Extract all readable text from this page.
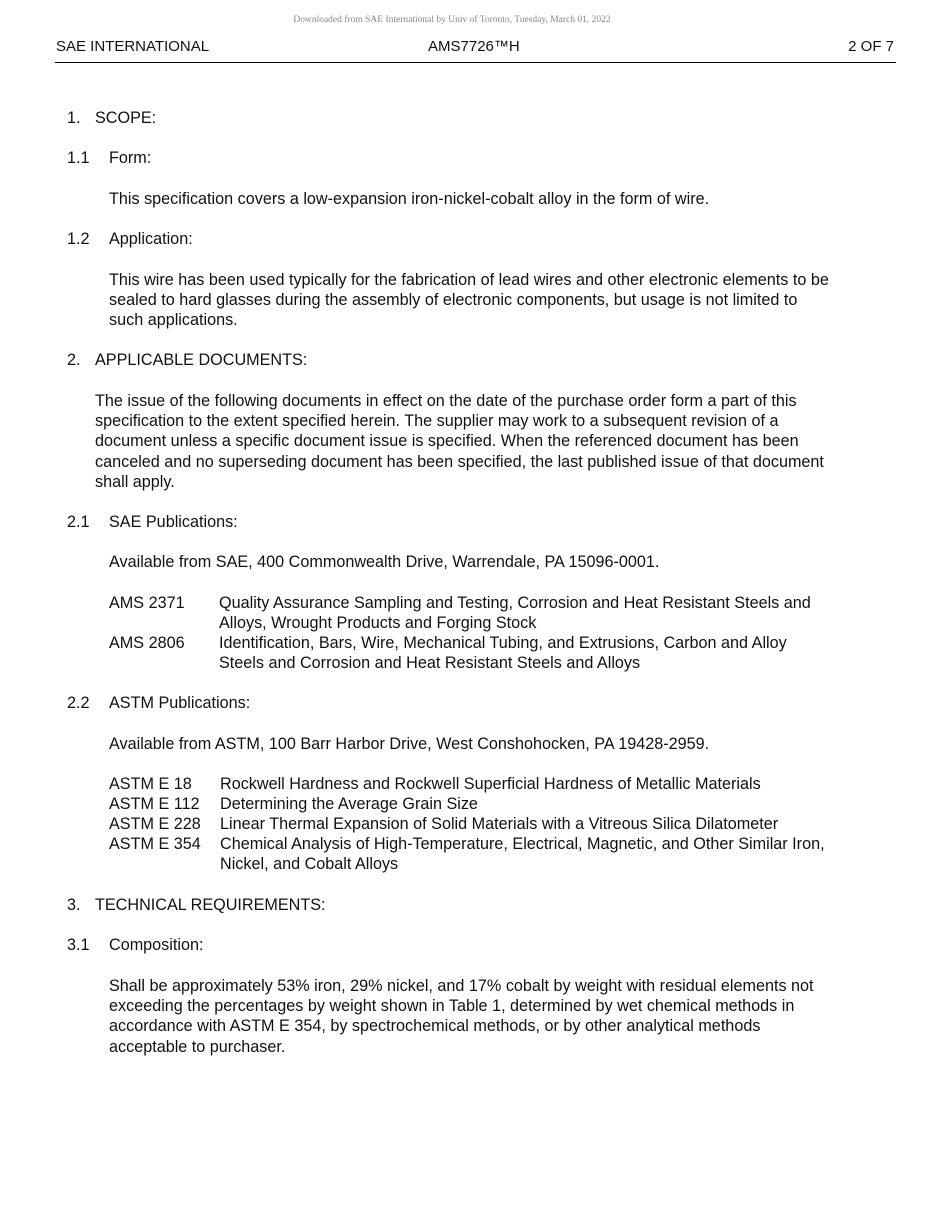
Downloaded from SAE International by Univ of Toronto, Tuesday, March 01, 2022
SAE INTERNATIONAL	AMS7726™H	2 OF 7
1. SCOPE:
1.1 Form:
This specification covers a low-expansion iron-nickel-cobalt alloy in the form of wire.
1.2 Application:
This wire has been used typically for the fabrication of lead wires and other electronic elements to be
sealed to hard glasses during the assembly of electronic components, but usage is not limited to
such applications.
2. APPLICABLE DOCUMENTS:
The issue of the following documents in effect on the date of the purchase order form a part of this
specification to the extent specified herein. The supplier may work to a subsequent revision of a
document unless a specific document issue is specified. When the referenced document has been
canceled and no superseding document has been specified, the last published issue of that document
shall apply.
2.1 SAE Publications:
Available from SAE, 400 Commonwealth Drive, Warrendale, PA 15096-0001.
AMS 2371 Quality Assurance Sampling and Testing, Corrosion and Heat Resistant Steels and
Alloys, Wrought Products and Forging Stock
AMS 2806 Identification, Bars, Wire, Mechanical Tubing, and Extrusions, Carbon and Alloy
Steels and Corrosion and Heat Resistant Steels and Alloys
2.2 ASTM Publications:
Available from ASTM, 100 Barr Harbor Drive, West Conshohocken, PA 19428-2959.
ASTM E 18 Rockwell Hardness and Rockwell Superficial Hardness of Metallic Materials
ASTM E 112 Determining the Average Grain Size
ASTM E 228 Linear Thermal Expansion of Solid Materials with a Vitreous Silica Dilatometer
ASTM E 354 Chemical Analysis of High-Temperature, Electrical, Magnetic, and Other Similar Iron,
Nickel, and Cobalt Alloys
3. TECHNICAL REQUIREMENTS:
3.1 Composition:
Shall be approximately 53% iron, 29% nickel, and 17% cobalt by weight with residual elements not
exceeding the percentages by weight shown in Table 1, determined by wet chemical methods in
accordance with ASTM E 354, by spectrochemical methods, or by other analytical methods
acceptable to purchaser.
